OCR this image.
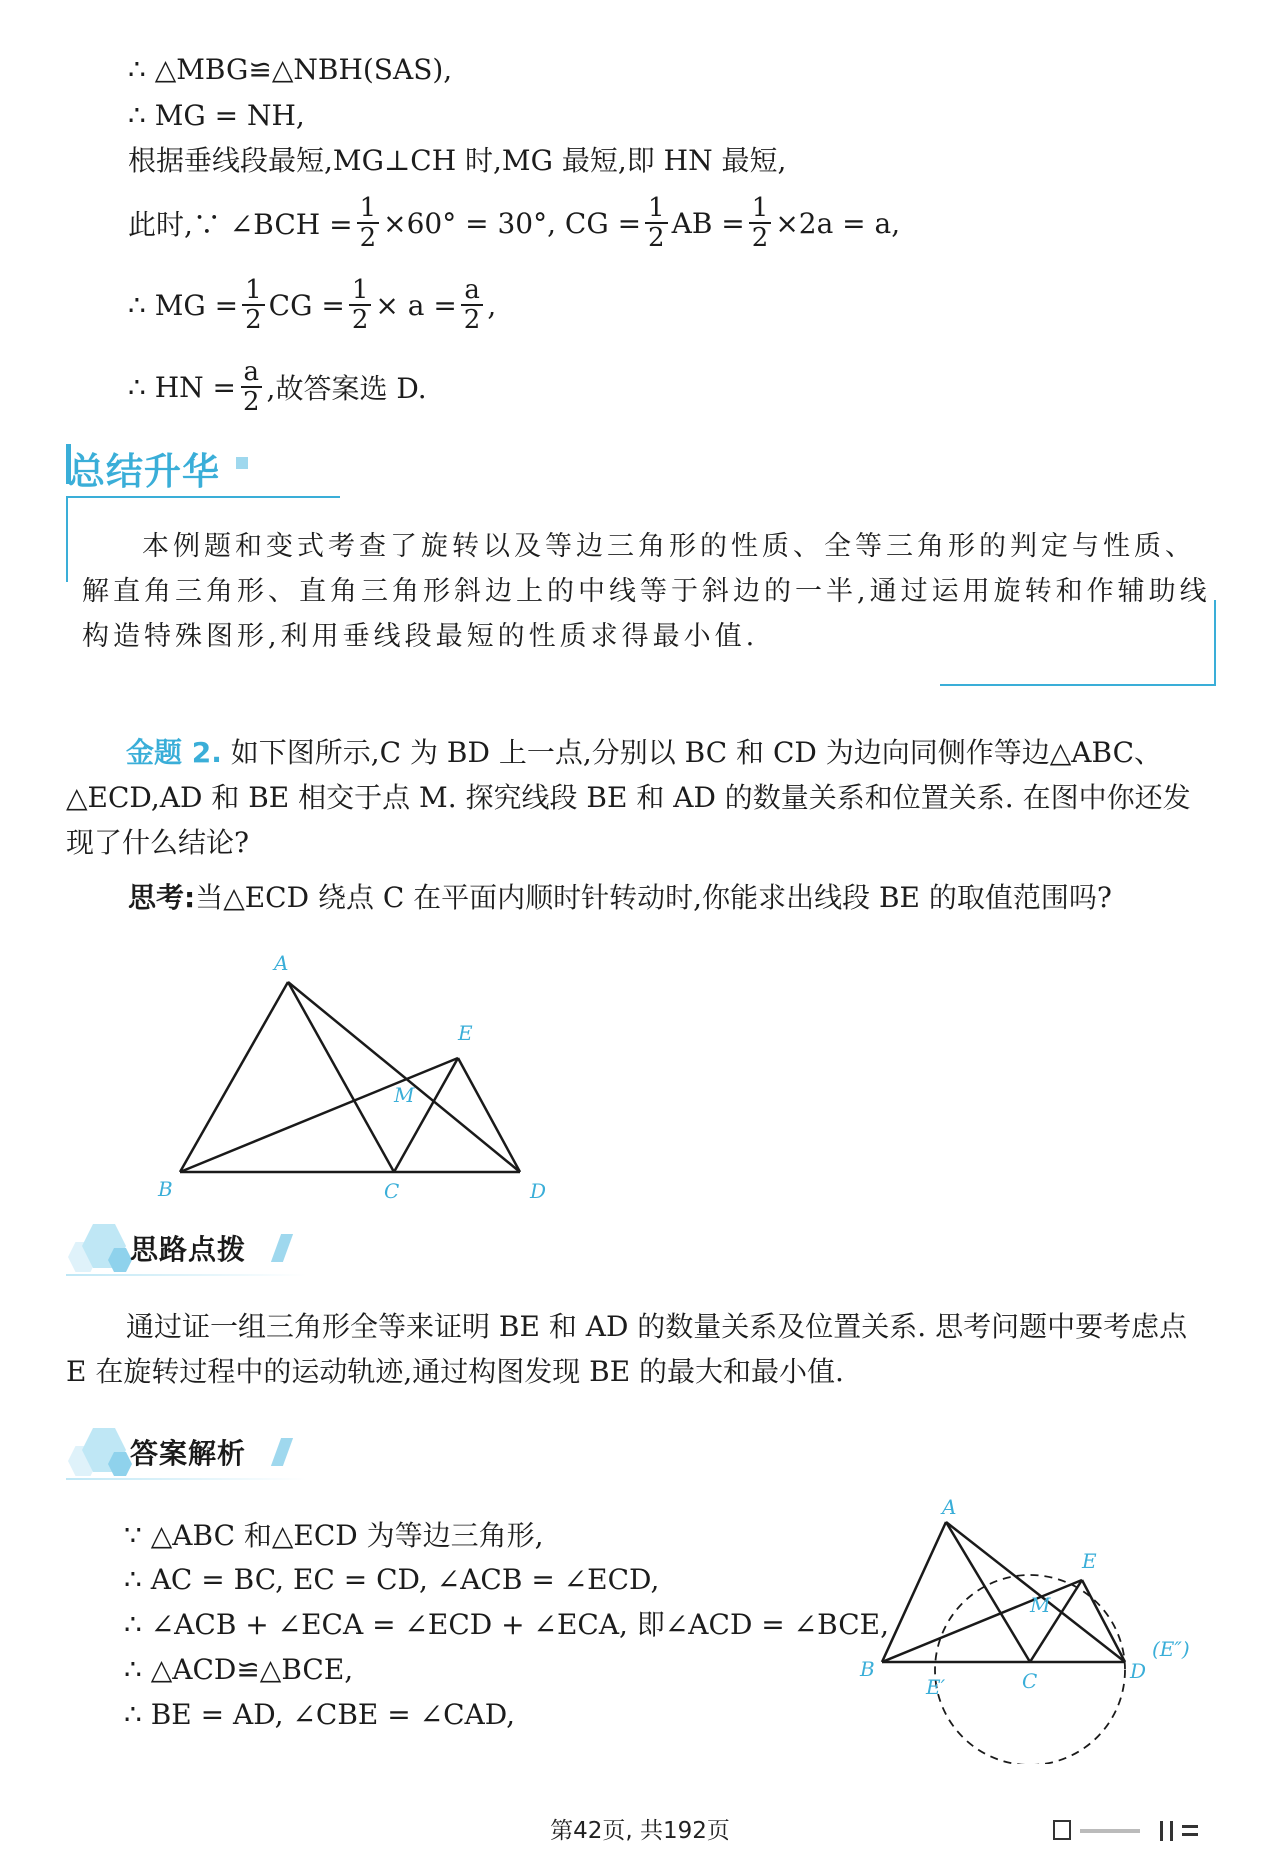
∴ △MBG≌△NBH(SAS),
∴ MG = NH,
根据垂线段最短,MG⊥CH 时,MG 最短,即 HN 最短,
此时,∵ ∠BCH = $\frac{1}{2} \times 60^\circ = 30^\circ$, CG = $\frac{1}{2}$ AB = $\frac{1}{2} \times 2a = a$,
∴ MG = $\frac{1}{2}$ CG = $\frac{1}{2} \times a = \frac{a}{2}$ ,
∴ HN = $\frac{a}{2}$ ,故答案选 D.
总结升华
本例题和变式考查了旋转以及等边三角形的性质、全等三角形的判定与性质、解直角三角形、直角三角形斜边上的中线等于斜边的一半,通过运用旋转和作辅助线构造特殊图形,利用垂线段最短的性质求得最小值.
金题 2. 如下图所示,C 为 BD 上一点,分别以 BC 和 CD 为边向同侧作等边△ABC、△ECD,AD 和 BE 相交于点 M. 探究线段 BE 和 AD 的数量关系和位置关系. 在图中你还发现了什么结论?
思考:当△ECD 绕点 C 在平面内顺时针转动时,你能求出线段 BE 的取值范围吗?
A
E
M
B	C	D
思路点拨
通过证一组三角形全等来证明 BE 和 AD 的数量关系及位置关系. 思考问题中要考虑点 E 在旋转过程中的运动轨迹,通过构图发现 BE 的最大和最小值.
答案解析
∵ △ABC 和△ECD 为等边三角形,
∴ AC = BC, EC = CD, ∠ACB = ∠ECD,
∴ ∠ACB + ∠ECA = ∠ECD + ∠ECA, 即∠ACD = ∠BCE,
∴ △ACD≌△BCE,
∴ BE = AD, ∠CBE = ∠CAD,
A
E
M
B	C	D
E′
(E″)
第42页, 共192页
